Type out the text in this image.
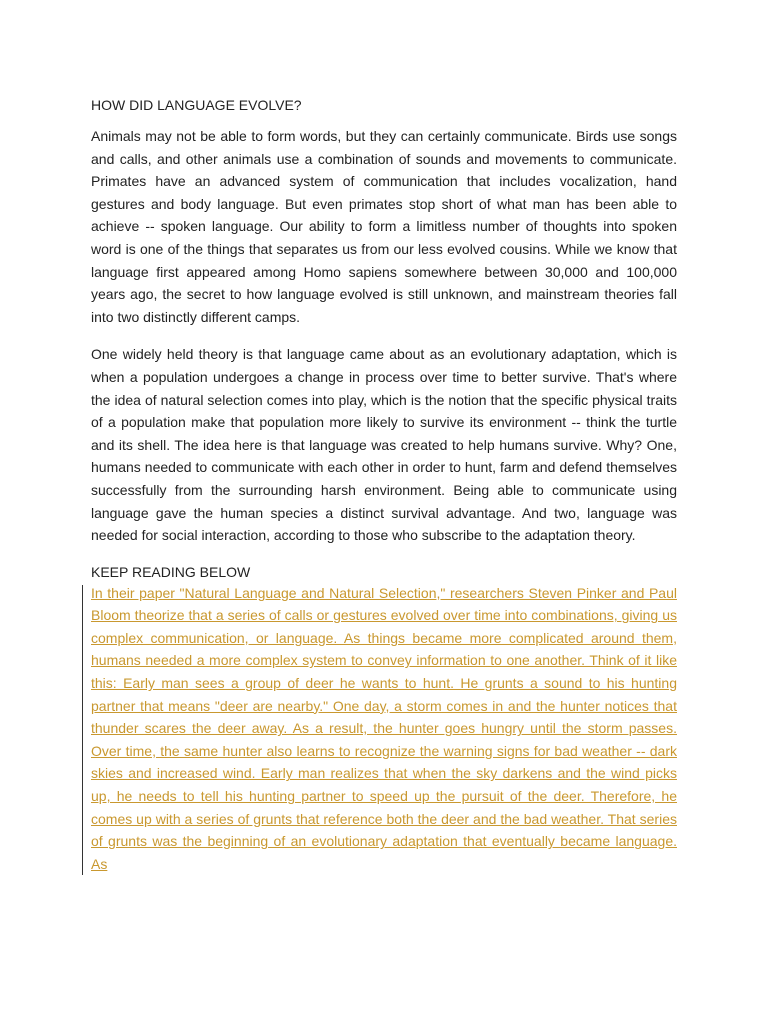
HOW DID LANGUAGE EVOLVE?

Animals may not be able to form words, but they can certainly communicate. Birds use songs and calls, and other animals use a combination of sounds and movements to communicate. Primates have an advanced system of communication that includes vocalization, hand gestures and body language. But even primates stop short of what man has been able to achieve -- spoken language. Our ability to form a limitless number of thoughts into spoken word is one of the things that separates us from our less evolved cousins. While we know that language first appeared among Homo sapiens somewhere between 30,000 and 100,000 years ago, the secret to how language evolved is still unknown, and mainstream theories fall into two distinctly different camps.

One widely held theory is that language came about as an evolutionary adaptation, which is when a population undergoes a change in process over time to better survive. That's where the idea of natural selection comes into play, which is the notion that the specific physical traits of a population make that population more likely to survive its environment -- think the turtle and its shell. The idea here is that language was created to help humans survive. Why? One, humans needed to communicate with each other in order to hunt, farm and defend themselves successfully from the surrounding harsh environment. Being able to communicate using language gave the human species a distinct survival advantage. And two, language was needed for social interaction, according to those who subscribe to the adaptation theory.

KEEP READING BELOW

In their paper "Natural Language and Natural Selection," researchers Steven Pinker and Paul Bloom theorize that a series of calls or gestures evolved over time into combinations, giving us complex communication, or language. As things became more complicated around them, humans needed a more complex system to convey information to one another. Think of it like this: Early man sees a group of deer he wants to hunt. He grunts a sound to his hunting partner that means "deer are nearby." One day, a storm comes in and the hunter notices that thunder scares the deer away. As a result, the hunter goes hungry until the storm passes. Over time, the same hunter also learns to recognize the warning signs for bad weather -- dark skies and increased wind. Early man realizes that when the sky darkens and the wind picks up, he needs to tell his hunting partner to speed up the pursuit of the deer. Therefore, he comes up with a series of grunts that reference both the deer and the bad weather. That series of grunts was the beginning of an evolutionary adaptation that eventually became language. As
